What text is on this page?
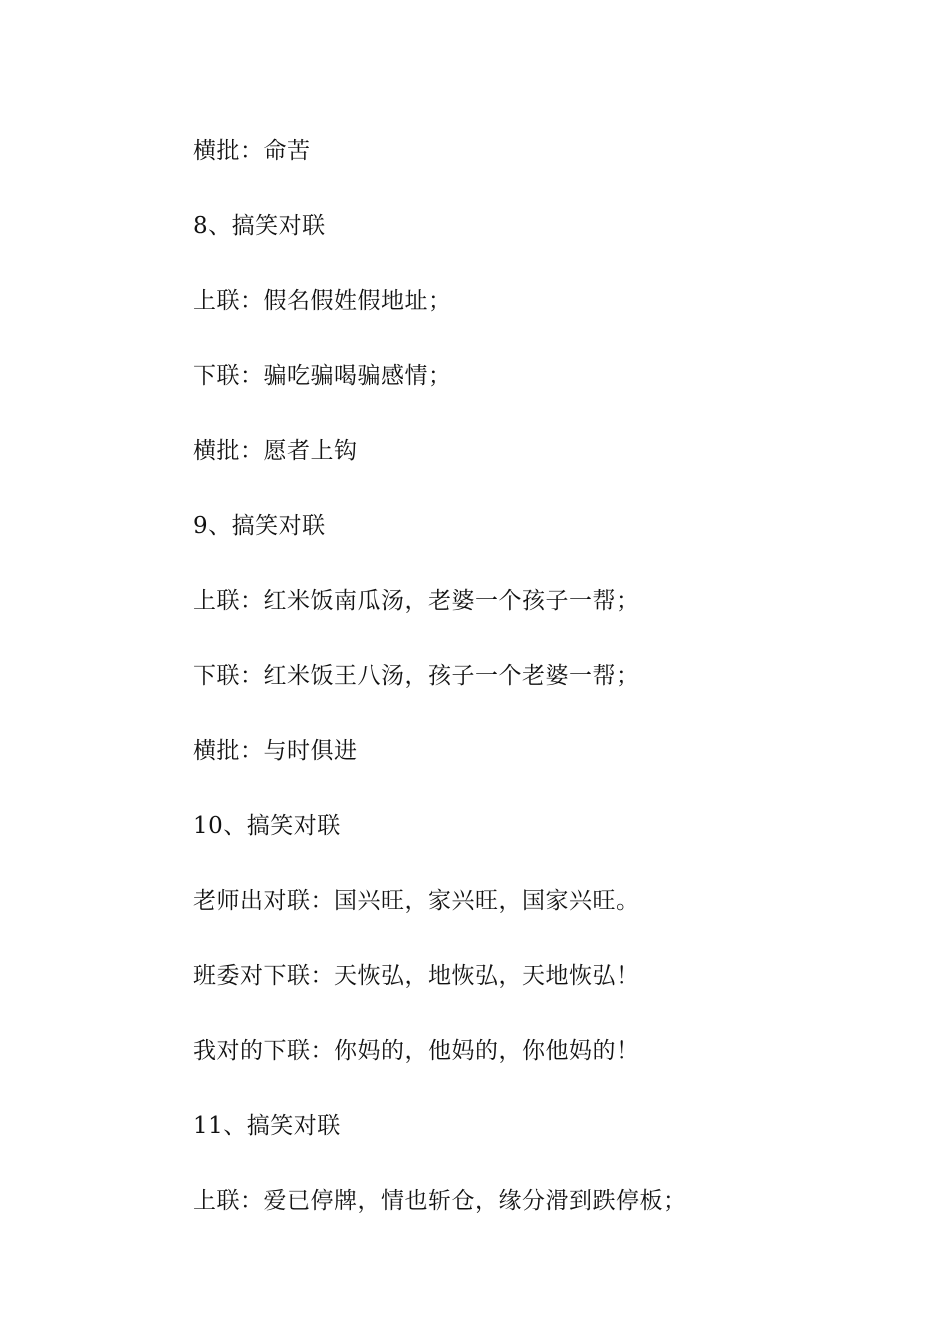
横批：命苦
8、搞笑对联
上联：假名假姓假地址；
下联：骗吃骗喝骗感情；
横批：愿者上钩
9、搞笑对联
上联：红米饭南瓜汤，老婆一个孩子一帮；
下联：红米饭王八汤，孩子一个老婆一帮；
横批：与时俱进
10、搞笑对联
老师出对联：国兴旺，家兴旺，国家兴旺。
班委对下联：天恢弘，地恢弘，天地恢弘！
我对的下联：你妈的，他妈的，你他妈的！
11、搞笑对联
上联：爱已停牌，情也斩仓，缘分滑到跌停板；
